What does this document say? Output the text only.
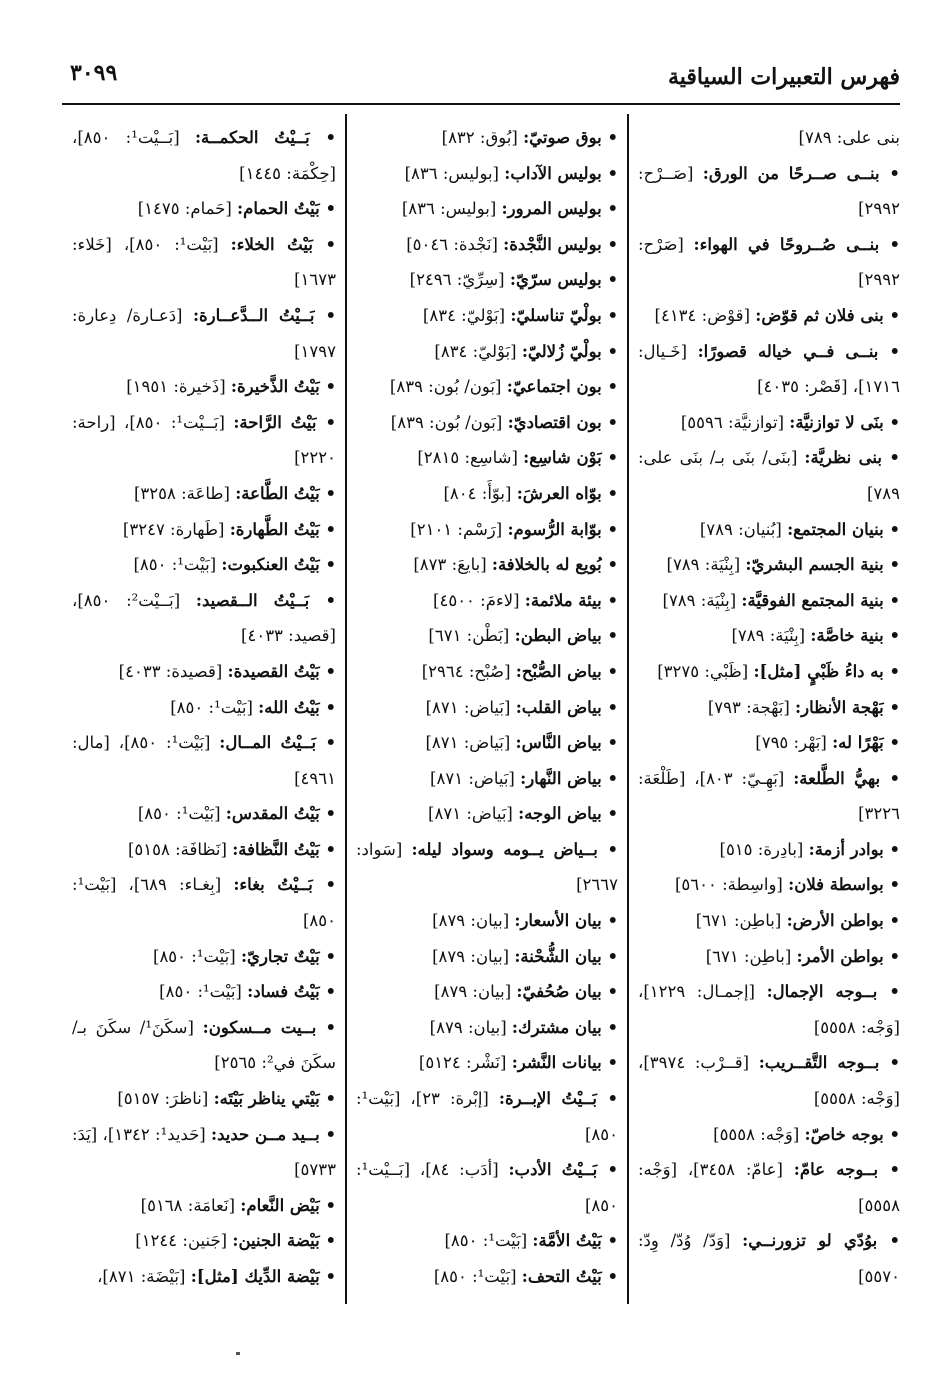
فهرس التعبيرات السياقية
٣٠٩٩

بنى على: ٧٨٩]

• بنــى صــرحًا من الورق: [صَــرْح: ٢٩٩٢]

• بنــى صُــروحًا في الهواء: [صَرْح: ٢٩٩٢]

• بنى فلان ثم قوّض: [قوْض: ٤١٣٤]

• بنــى فــي خياله قصورًا: [خَـيال: ١٧١٦]، [قَصْر: ٤٠٣٥]

• بنَى لا توازنيَّة: [توازنيَّة: ٥٥٩٦]

• بنى نظريَّة: [بنَى/ بنَى بـ/ بنَى على: ٧٨٩]

• بنيان المجتمع: [بُنيان: ٧٨٩]

• بنية الجسم البشريّ: [بِنْيَة: ٧٨٩]

• بنية المجتمع الفوقيَّة: [بِنْيَة: ٧٨٩]

• بنية خاصَّة: [بِنْيَة: ٧٨٩]

• به داءُ ظَبْيٍ [مثل]: [ظَبْي: ٣٢٧٥]

• بَهْجة الأنظار: [بَهْجة: ٧٩٣]

• بَهْرًا له: [بَهْر: ٧٩٥]

• بهيُّ الطَّلعة: [بَهِـيّ: ٨٠٣]، [طَلْعَة: ٣٢٢٦]

• بوادر أزمة: [بادِرة: ٥١٥]

• بواسطة فلان: [واسِطة: ٥٦٠٠]

• بواطن الأرض: [باطِن: ٦٧١]

• بواطن الأمر: [باطِن: ٦٧١]

• بــوجه الإجمال: [إجمـال: ١٢٢٩]، [وَجْه: ٥٥٥٨]

• بــوجه التَّقــريب: [قــرْب: ٣٩٧٤]، [وَجْه: ٥٥٥٨]

• بوجه خاصّ: [وَجْه: ٥٥٥٨]

• بــوجه عامّ: [عامّ: ٣٤٥٨]، [وَجْه: ٥٥٥٨]

• بوُدّي لو تزورنــي: [وَدّ/ وُدّ/ وِدّ: ٥٥٧٠]

• بوق صوتيّ: [بُوق: ٨٣٢]

• بوليس الآداب: [بوليس: ٨٣٦]

• بوليس المرور: [بوليس: ٨٣٦]

• بوليس النَّجْدة: [نَجْدة: ٥٠٤٦]

• بوليس سرّيّ: [سِرِّيّ: ٢٤٩٦]

• بولْيّ تناسليّ: [بَوْليّ: ٨٣٤]

• بولْيّ زُلاليّ: [بَوْليّ: ٨٣٤]

• بون اجتماعيّ: [بَون/ بُون: ٨٣٩]

• بون اقتصاديّ: [بَون/ بُون: ٨٣٩]

• بَوْن شاسِع: [شاسِع: ٢٨١٥]

• بوّاه العرشَ: [بوّأَ: ٨٠٤]

• بوّابة الرُّسوم: [رَسْم: ٢١٠١]

• بُويع له بالخلافة: [بايعَ: ٨٧٣]

• بيئة ملائمة: [لاءمَ: ٤٥٠٠]

• بياض البطن: [بَطْن: ٦٧١]

• بياض الصُّبْح: [صُبْح: ٢٩٦٤]

• بياض القلب: [بَياض: ٨٧١]

• بياض النَّاس: [بَياض: ٨٧١]

• بياض النَّهار: [بَياض: ٨٧١]

• بياض الوجه: [بَياض: ٨٧١]

• بــياض يــومه وسواد ليله: [سَواد: ٢٦٦٧]

• بيان الأسعار: [بيان: ٨٧٩]

• بيان الشُّحْنة: [بيان: ٨٧٩]

• بيان صُحُفيّ: [بيان: ٨٧٩]

• بيان مشترك: [بيان: ٨٧٩]

• بيانات النَّشر: [نَشْر: ٥١٢٤]

• بَــيْتُ الإبــرة: [إبْرة: ٢٣]، [بَيْت¹: ٨٥٠]

• بَــيْتُ الأدب: [أدَب: ٨٤]، [بَــيْت¹: ٨٥٠]

• بَيْتُ الأمَّة: [بَيْت¹: ٨٥٠]

• بَيْتُ التحف: [بَيْت¹: ٨٥٠]

• بَــيْتُ الحكمــة: [بَــيْت¹: ٨٥٠]، [حِكْمَة: ١٤٤٥]

• بَيْتُ الحمام: [حَمام: ١٤٧٥]

• بَيْتُ الخلاء: [بَيْت¹: ٨٥٠]، [خَلاء: ١٦٧٣]

• بَــيْتُ الــدَّعــارة: [دَعـارة/ دِعارة: ١٧٩٧]

• بَيْتُ الذَّخيرة: [ذَخيرة: ١٩٥١]

• بَيْتُ الرَّاحة: [بَــيْت¹: ٨٥٠]، [راحة: ٢٢٢٠]

• بَيْتُ الطَّاعة: [طاعَة: ٣٢٥٨]

• بَيْتُ الطَّهارة: [طَهارة: ٣٢٤٧]

• بَيْتُ العنكبوت: [بَيْت¹: ٨٥٠]

• بَــيْتُ الــقصيد: [بَــيْت²: ٨٥٠]، [قصيد: ٤٠٣٣]

• بَيْتُ القصيدة: [قصيدة: ٤٠٣٣]

• بَيْتُ الله: [بَيْت¹: ٨٥٠]

• بَــيْتُ المــال: [بَيْت¹: ٨٥٠]، [مال: ٤٩٦١]

• بَيْتُ المقدس: [بَيْت¹: ٨٥٠]

• بَيْتُ النَّظافة: [نَظافَة: ٥١٥٨]

• بَــيْتُ بغاء: [بِغـاء: ٦٨٩]، [بَيْت¹: ٨٥٠]

• بَيْتٌ تجاريّ: [بَيْت¹: ٨٥٠]

• بَيْتُ فساد: [بَيْت¹: ٨٥٠]

• بــيت مــسكون: [سكَنَ¹/ سكَنَ بـ/ سكَنَ في²: ٢٥٦٥]

• بَيْتي يناظر بَيْتَه: [ناظرَ: ٥١٥٧]

• بــيد مــن حديد: [حَديد¹: ١٣٤٢]، [يَدَ: ٥٧٣٣]

• بَيْض النَّعام: [نَعامَة: ٥١٦٨]

• بَيْضة الجنين: [جَنين: ١٢٤٤]

• بَيْضة الدِّيك [مثل]: [بَيْضَة: ٨٧١]،
